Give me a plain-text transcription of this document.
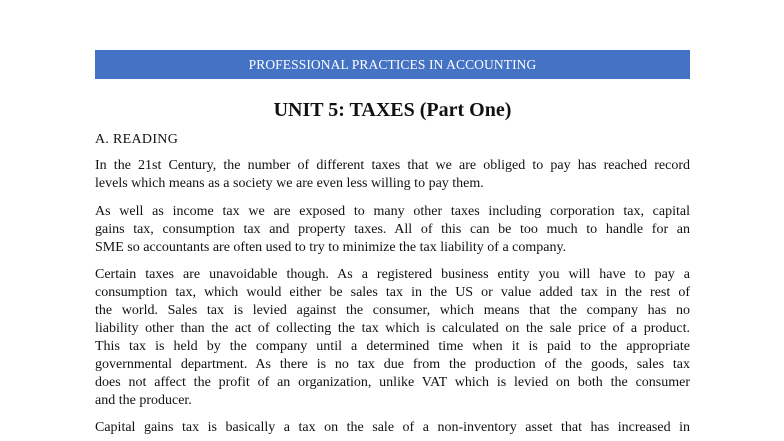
PROFESSIONAL PRACTICES IN ACCOUNTING
UNIT 5: TAXES (Part One)
A. READING
In the 21st Century, the number of different taxes that we are obliged to pay has reached record
levels which means as a society we are even less willing to pay them.
As well as income tax we are exposed to many other taxes including corporation tax, capital
gains tax, consumption tax and property taxes. All of this can be too much to handle for an
SME so accountants are often used to try to minimize the tax liability of a company.
Certain taxes are unavoidable though. As a registered business entity you will have to pay a
consumption tax, which would either be sales tax in the US or value added tax in the rest of
the world. Sales tax is levied against the consumer, which means that the company has no
liability other than the act of collecting the tax which is calculated on the sale price of a product.
This tax is held by the company until a determined time when it is paid to the appropriate
governmental department. As there is no tax due from the production of the goods, sales tax
does not affect the profit of an organization, unlike VAT which is levied on both the consumer
and the producer.
Capital gains tax is basically a tax on the sale of a non-inventory asset that has increased in
